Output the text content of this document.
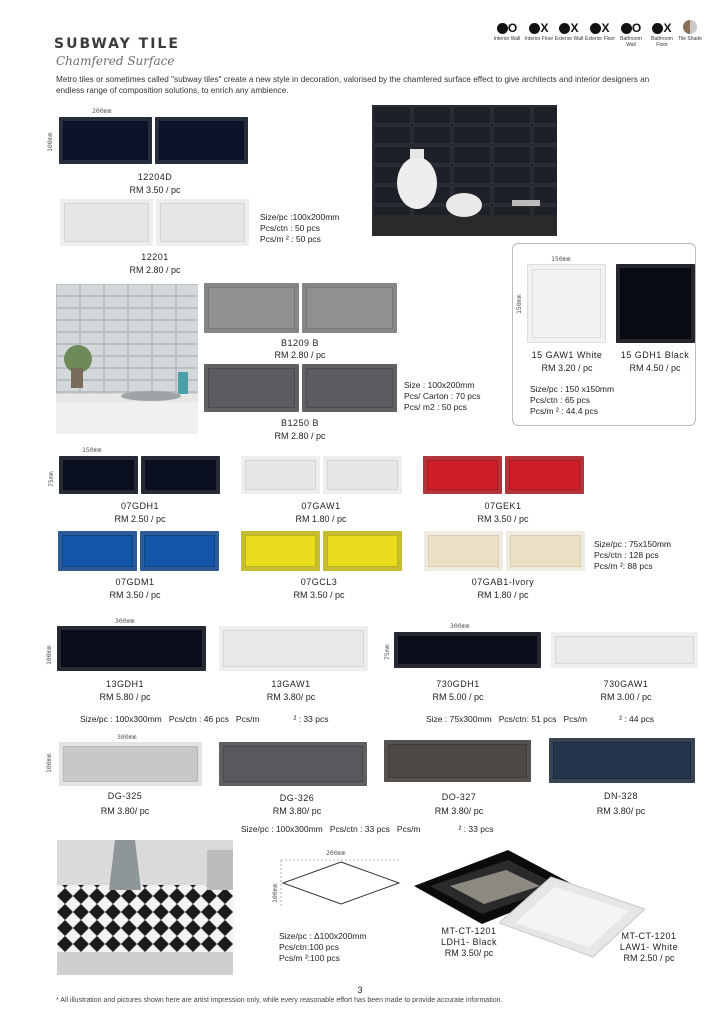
SUBWAY TILE
Chamfered Surface
Metro tiles or sometimes called "subway tiles" create a new style in decoration, valorised by the chamfered surface effect to give architects and interior designers an endless range of composition solutions, to enrich any ambience.
O
Interior Wall
X
Interior Floor
X
Exterior Wall
X
Exterior Floor
O
Bathroom Wall
X
Bathroom Floor
Tile Shade
200mm
100mm
12204D
RM 3.50 / pc
12201
RM 2.80 / pc
Size/pc :100x200mm
Pcs/ctn : 50 pcs
Pcs/m ² : 50 pcs
B1209 B
RM 2.80 / pc
B1250 B
RM 2.80 / pc
Size : 100x200mm
Pcs/ Carton : 70 pcs
Pcs/ m2 : 50 pcs
150mm
150mm
15 GAW1 White
RM 3.20 / pc
15 GDH1 Black
RM 4.50 / pc
Size/pc : 150 x150mm
Pcs/ctn : 65 pcs
Pcs/m ² : 44.4 pcs
150mm
75mm
07GDH1
RM 2.50 / pc
07GAW1
RM 1.80 / pc
07GEK1
RM 3.50 / pc
07GDM1
RM 3.50 / pc
07GCL3
RM 3.50 / pc
07GAB1-Ivory
RM 1.80 / pc
Size/pc : 75x150mm
Pcs/ctn : 128 pcs
Pcs/m ²: 88 pcs
300mm
100mm
13GDH1
RM 5.80 / pc
13GAW1
RM 3.80/ pc
300mm
75mm
730GDH1
RM 5.00 / pc
730GAW1
RM 3.00 / pc
Size/pc : 100x300mm   Pcs/ctn : 46 pcs   Pcs/m	² : 33 pcs	Size : 75x300mm   Pcs/ctn: 51 pcs   Pcs/m	² : 44 pcs
300mm
100mm
DG-325
RM 3.80/ pc
DG-326
RM 3.80/ pc
DO-327
RM 3.80/ pc
DN-328
RM 3.80/ pc
Size/pc : 100x300mm   Pcs/ctn : 33 pcs   Pcs/m	² : 33 pcs
200mm
100mm
Size/pc : Δ100x200mm
Pcs/ctn:100 pcs
Pcs/m ²:100 pcs
MT-CT-1201
LDH1- Black
RM 3.50/ pc
MT-CT-1201
LAW1- White
RM 2.50 / pc
3
* All illustration and pictures shown here are artist impression only, while every reasonable effort has been made to provide accurate information.
